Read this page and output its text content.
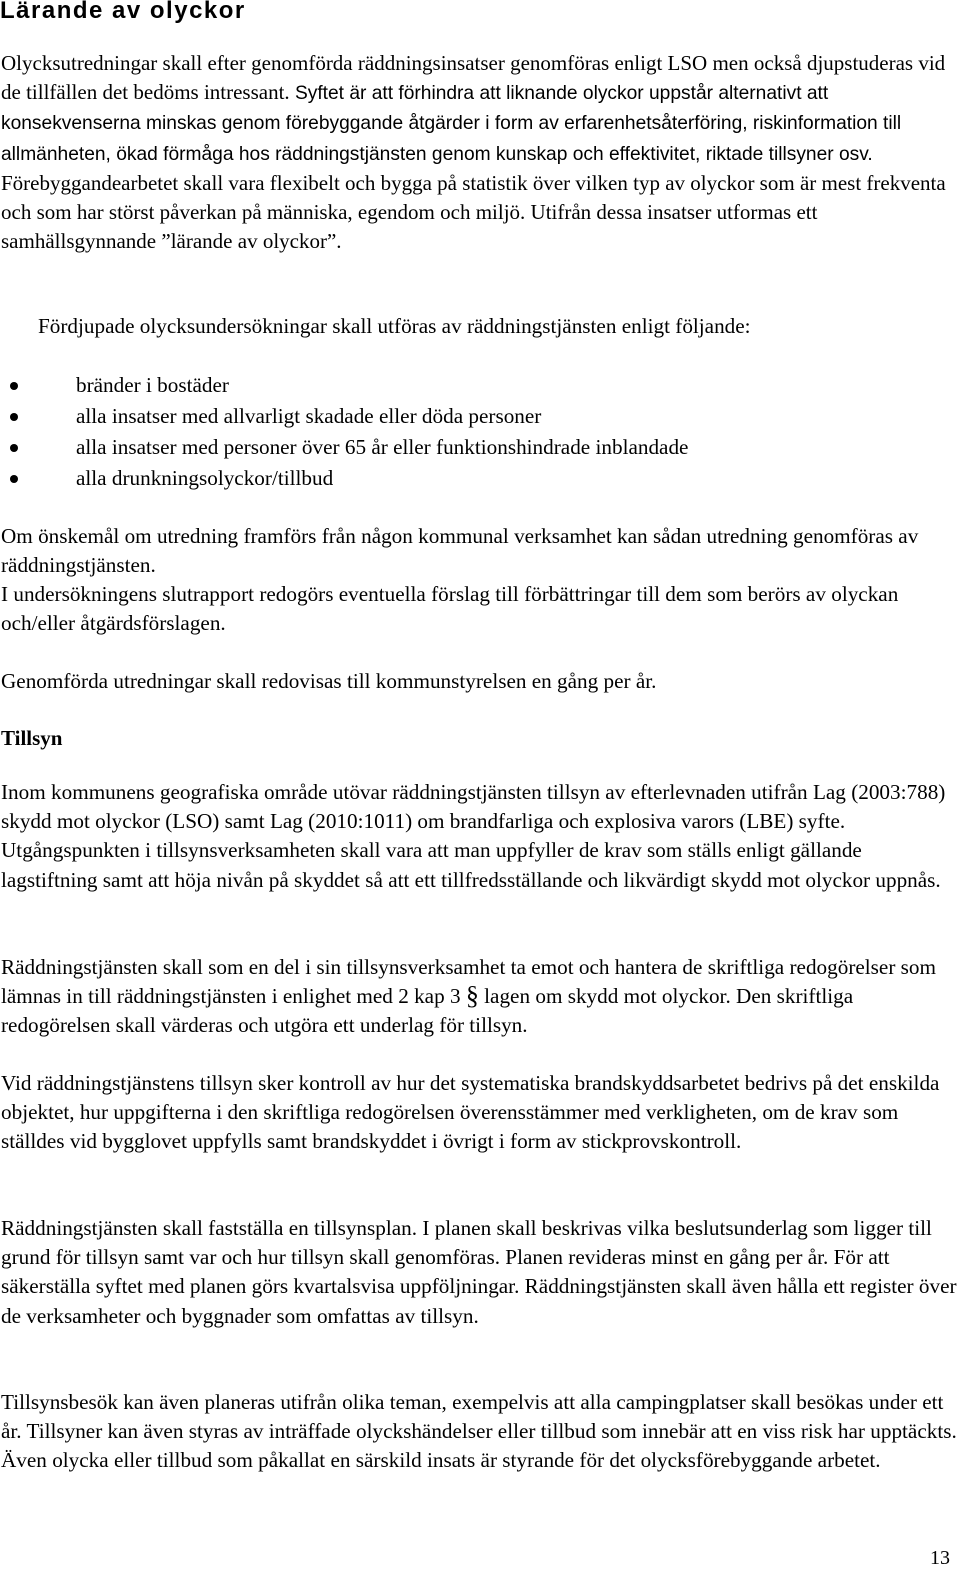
Lärande av olyckor
Olycksutredningar skall efter genomförda räddningsinsatser genomföras enligt LSO men också djupstuderas vid de tillfällen det bedöms intressant. Syftet är att förhindra att liknande olyckor uppstår alternativt att konsekvenserna minskas genom förebyggande åtgärder i form av erfarenhetsåterföring, riskinformation till allmänheten, ökad förmåga hos räddningstjänsten genom kunskap och effektivitet, riktade tillsyner osv. Förebyggandearbetet skall vara flexibelt och bygga på statistik över vilken typ av olyckor som är mest frekventa och som har störst påverkan på människa, egendom och miljö. Utifrån dessa insatser utformas ett samhällsgynnande ”lärande av olyckor”.
Fördjupade olycksundersökningar skall utföras av räddningstjänsten enligt följande:
bränder i bostäder
alla insatser med allvarligt skadade eller döda personer
alla insatser med personer över 65 år eller funktionshindrade inblandade
alla drunkningsolyckor/tillbud
Om önskemål om utredning framförs från någon kommunal verksamhet kan sådan utredning genomföras av räddningstjänsten.
I undersökningens slutrapport redogörs eventuella förslag till förbättringar till dem som berörs av olyckan och/eller åtgärdsförslagen.
Genomförda utredningar skall redovisas till kommunstyrelsen en gång per år.
Tillsyn
Inom kommunens geografiska område utövar räddningstjänsten tillsyn av efterlevnaden utifrån Lag (2003:788) skydd mot olyckor (LSO) samt Lag (2010:1011) om brandfarliga och explosiva varors (LBE) syfte. Utgångspunkten i tillsynsverksamheten skall vara att man uppfyller de krav som ställs enligt gällande lagstiftning samt att höja nivån på skyddet så att ett tillfredsställande och likvärdigt skydd mot olyckor uppnås.
Räddningstjänsten skall som en del i sin tillsynsverksamhet ta emot och hantera de skriftliga redogörelser som lämnas in till räddningstjänsten i enlighet med 2 kap 3 § lagen om skydd mot olyckor. Den skriftliga redogörelsen skall värderas och utgöra ett underlag för tillsyn.
Vid räddningstjänstens tillsyn sker kontroll av hur det systematiska brandskyddsarbetet bedrivs på det enskilda objektet, hur uppgifterna i den skriftliga redogörelsen överensstämmer med verkligheten, om de krav som ställdes vid bygglovet uppfylls samt brandskyddet i övrigt i form av stickprovskontroll.
Räddningstjänsten skall fastställa en tillsynsplan. I planen skall beskrivas vilka beslutsunderlag som ligger till grund för tillsyn samt var och hur tillsyn skall genomföras. Planen revideras minst en gång per år. För att säkerställa syftet med planen görs kvartalsvisa uppföljningar. Räddningstjänsten skall även hålla ett register över de verksamheter och byggnader som omfattas av tillsyn.
Tillsynsbesök kan även planeras utifrån olika teman, exempelvis att alla campingplatser skall besökas under ett år. Tillsyner kan även styras av inträffade olyckshändelser eller tillbud som innebär att en viss risk har upptäckts. Även olycka eller tillbud som påkallat en särskild insats är styrande för det olycksförebyggande arbetet.
13
